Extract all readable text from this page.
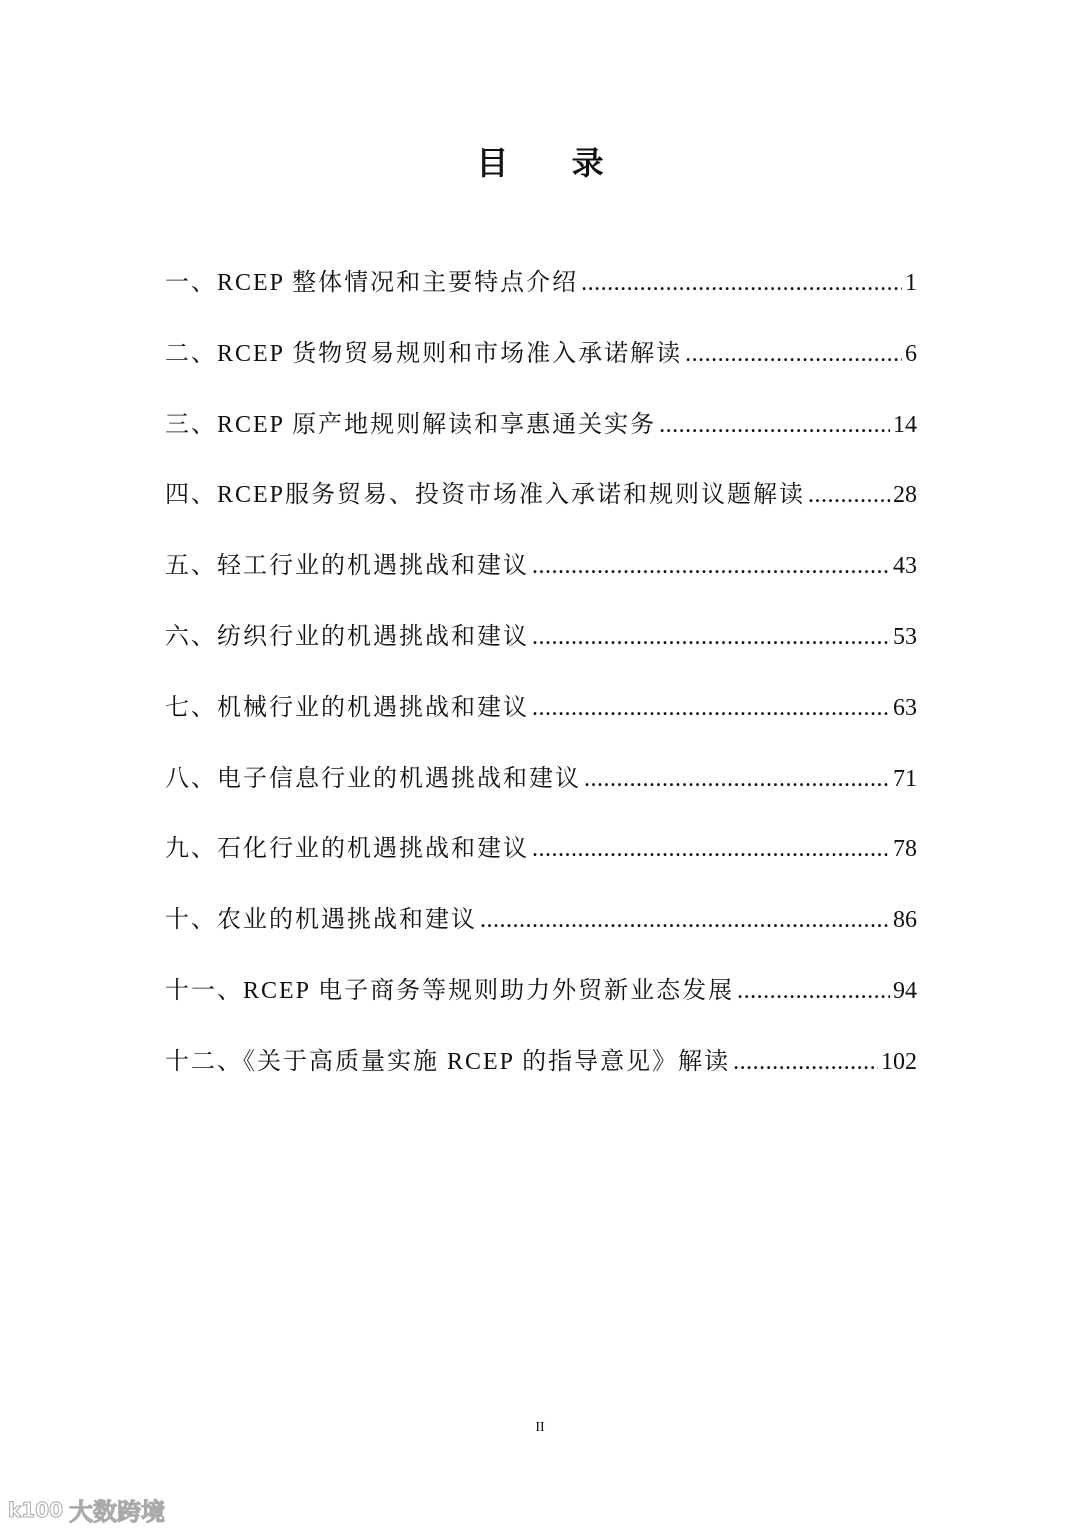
目 录
一、RCEP 整体情况和主要特点介绍 .....	1
二、RCEP 货物贸易规则和市场准入承诺解读 .....	6
三、RCEP 原产地规则解读和享惠通关实务 .....	14
四、RCEP服务贸易、投资市场准入承诺和规则议题解读 .....	28
五、轻工行业的机遇挑战和建议 .....	43
六、纺织行业的机遇挑战和建议 .....	53
七、机械行业的机遇挑战和建议 .....	63
八、电子信息行业的机遇挑战和建议 .....	71
九、石化行业的机遇挑战和建议 .....	78
十、农业的机遇挑战和建议 .....	86
十一、RCEP 电子商务等规则助力外贸新业态发展 .....	94
十二、《关于高质量实施 RCEP 的指导意见》解读 .....	102
II
k100 大数跨境
